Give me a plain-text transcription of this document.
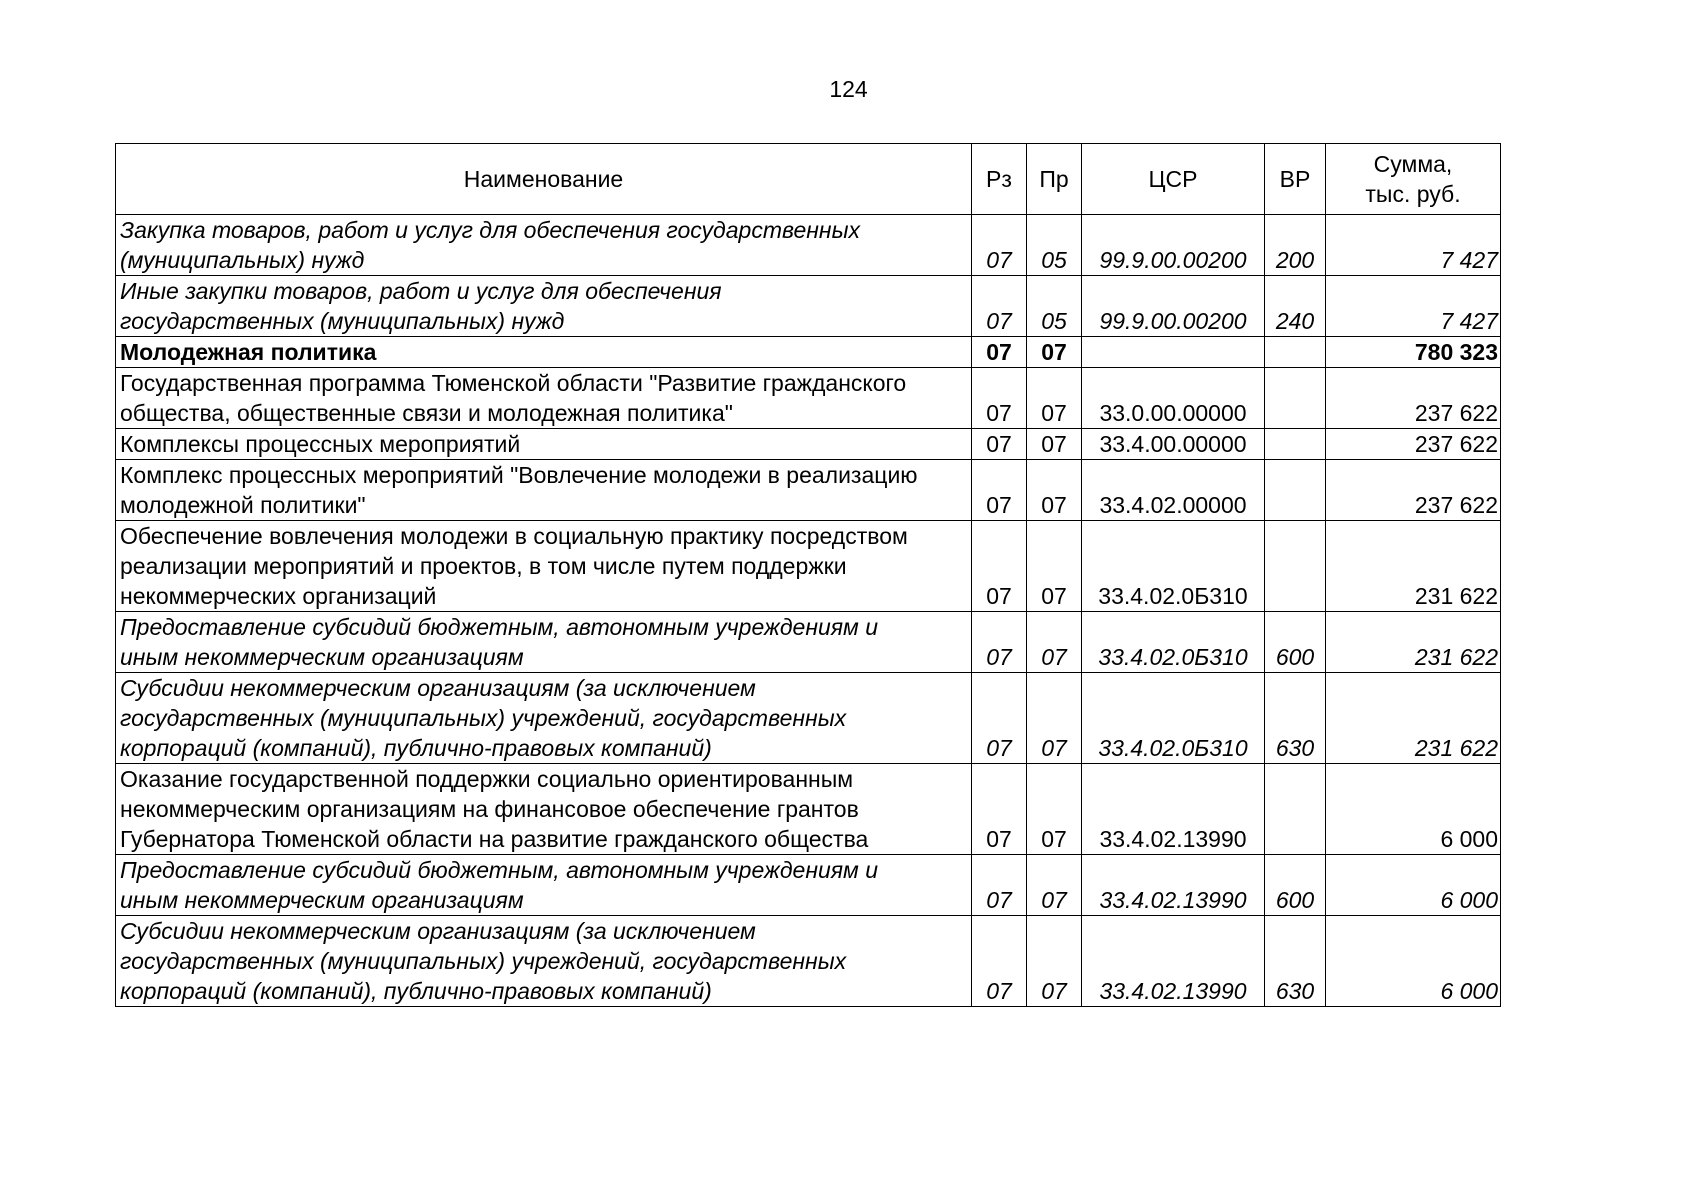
124
Наименование	Рз	Пр	ЦСР	ВР	Сумма,
тыс. руб.

Закупка товаров, работ и услуг для обеспечения государственных
(муниципальных) нужд	07	05	99.9.00.00200	200	7 427

Иные закупки товаров, работ и услуг для обеспечения
государственных (муниципальных) нужд	07	05	99.9.00.00200	240	7 427

Молодежная политика	07	07			780 323

Государственная программа Тюменской области "Развитие гражданского
общества, общественные связи и молодежная политика"	07	07	33.0.00.00000		237 622

Комплексы процессных мероприятий	07	07	33.4.00.00000		237 622

Комплекс процессных мероприятий "Вовлечение молодежи в реализацию
молодежной политики"	07	07	33.4.02.00000		237 622

Обеспечение вовлечения молодежи в социальную практику посредством
реализации мероприятий и проектов, в том числе путем поддержки
некоммерческих организаций	07	07	33.4.02.0Б310		231 622

Предоставление субсидий бюджетным, автономным учреждениям и
иным некоммерческим организациям	07	07	33.4.02.0Б310	600	231 622

Субсидии некоммерческим организациям (за исключением
государственных (муниципальных) учреждений, государственных
корпораций (компаний), публично-правовых компаний)	07	07	33.4.02.0Б310	630	231 622

Оказание государственной поддержки социально ориентированным
некоммерческим организациям на финансовое обеспечение грантов
Губернатора Тюменской области на развитие гражданского общества	07	07	33.4.02.13990		6 000

Предоставление субсидий бюджетным, автономным учреждениям и
иным некоммерческим организациям	07	07	33.4.02.13990	600	6 000

Субсидии некоммерческим организациям (за исключением
государственных (муниципальных) учреждений, государственных
корпораций (компаний), публично-правовых компаний)	07	07	33.4.02.13990	630	6 000
